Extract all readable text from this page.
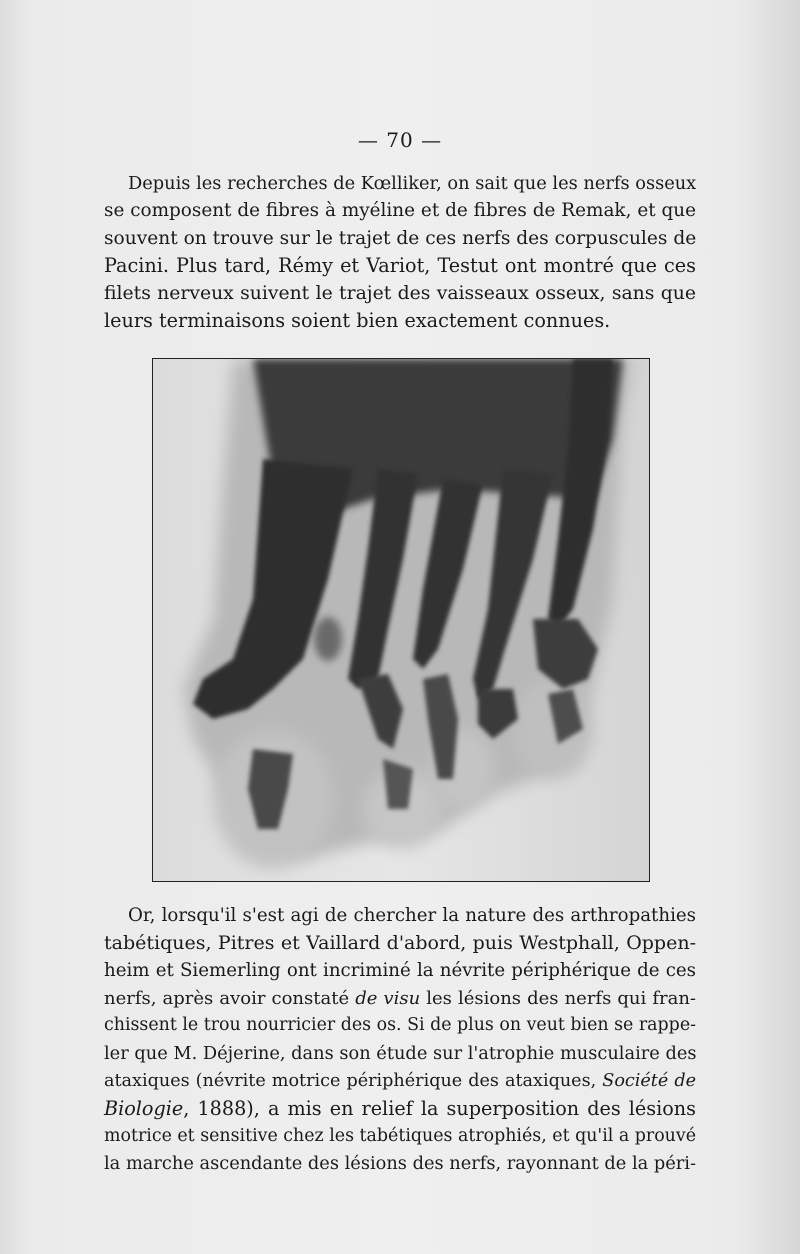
— 70 —
Depuis les recherches de Kœlliker, on sait que les nerfs osseux
se composent de fibres à myéline et de fibres de Remak, et que
souvent on trouve sur le trajet de ces nerfs des corpuscules de
Pacini. Plus tard, Rémy et Variot, Testut ont montré que ces
filets nerveux suivent le trajet des vaisseaux osseux, sans que
leurs terminaisons soient bien exactement connues.
Or, lorsqu'il s'est agi de chercher la nature des arthropathies
tabétiques, Pitres et Vaillard d'abord, puis Westphall, Oppen-
heim et Siemerling ont incriminé la névrite périphérique de ces
nerfs, après avoir constaté de visu les lésions des nerfs qui fran-
chissent le trou nourricier des os. Si de plus on veut bien se rappe-
ler que M. Déjerine, dans son étude sur l'atrophie musculaire des
ataxiques (névrite motrice périphérique des ataxiques, Société de
Biologie, 1888), a mis en relief la superposition des lésions
motrice et sensitive chez les tabétiques atrophiés, et qu'il a prouvé
la marche ascendante des lésions des nerfs, rayonnant de la péri-
